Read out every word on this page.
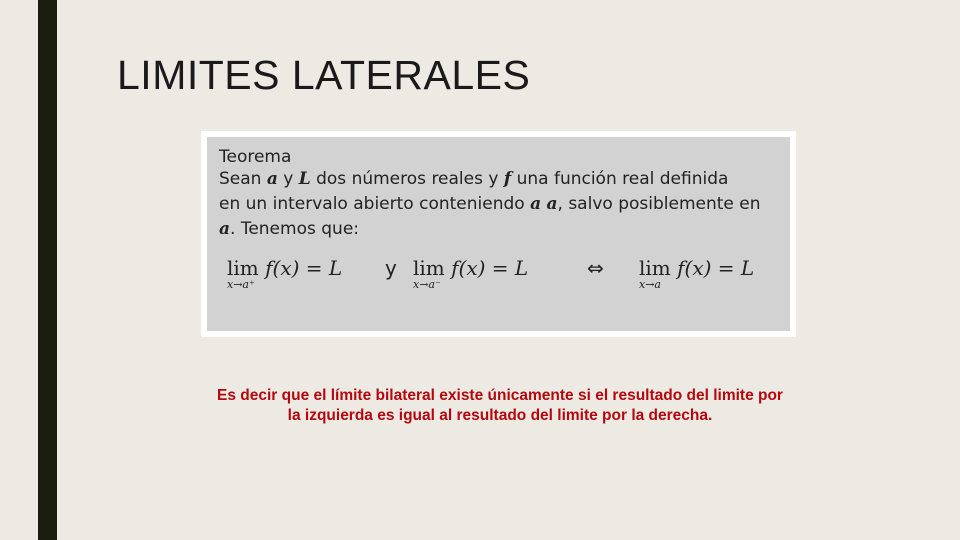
LIMITES LATERALES

Teorema

Sean a y L dos números reales y f una función real definida

en un intervalo abierto conteniendo a a, salvo posiblemente en

a. Tenemos que:

lim
x→a⁺
f(x) = L y lim
x→a⁻
f(x) = L	⇔ lim
x→a
f(x) = L
Es decir que el límite bilateral existe únicamente si el resultado del limite por
la izquierda es igual al resultado del limite por la derecha.
